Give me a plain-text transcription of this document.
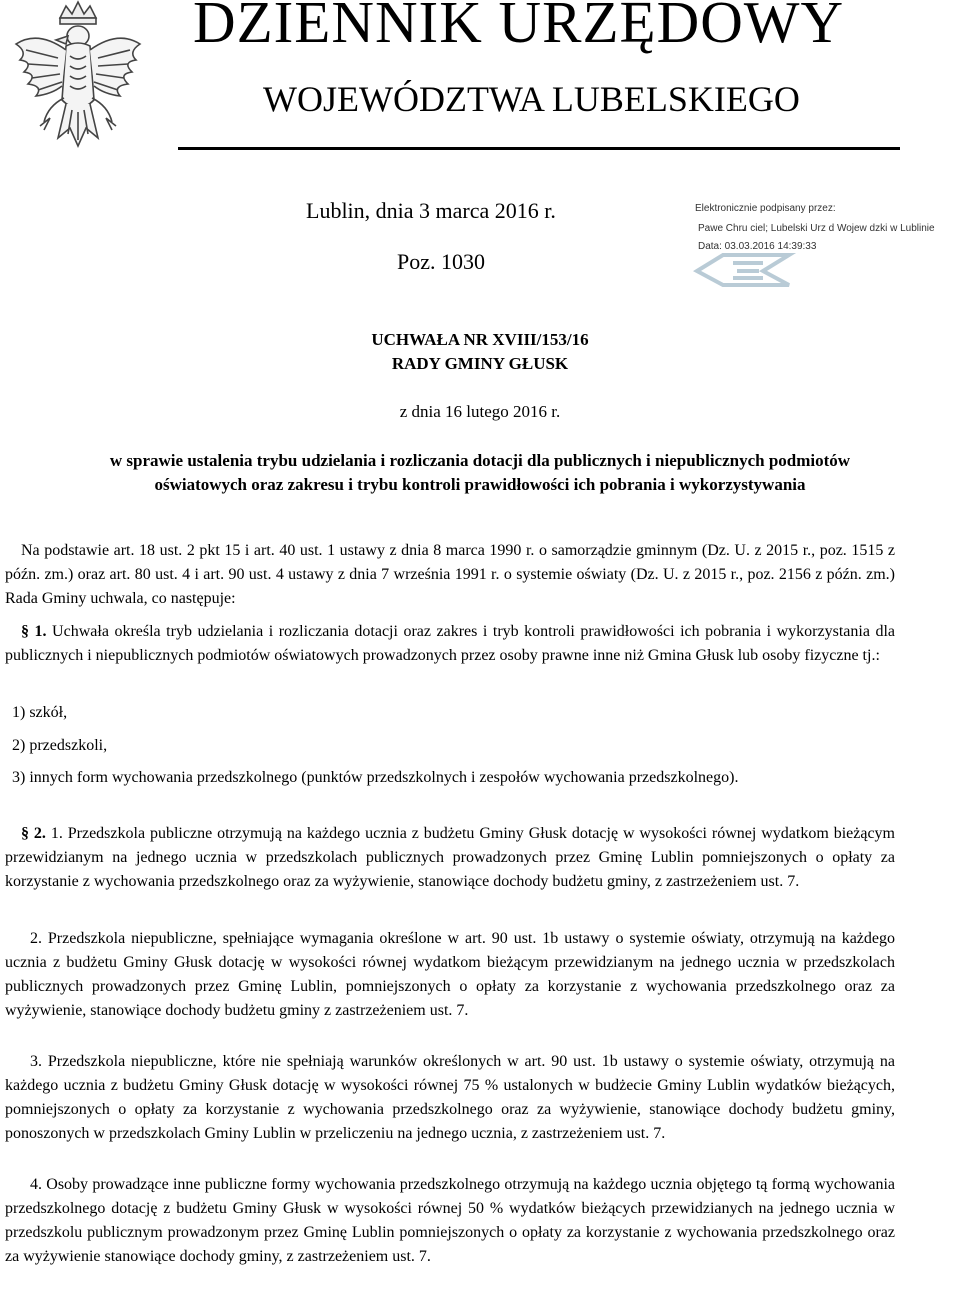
DZIENNIK URZĘDOWY
WOJEWÓDZTWA LUBELSKIEGO
Lublin, dnia 3 marca 2016 r.
Poz. 1030
Elektronicznie podpisany przez:
Pawe Chru ciel; Lubelski Urz d Wojew dzki w Lublinie
Data: 03.03.2016 14:39:33
UCHWAŁA NR XVIII/153/16
RADY GMINY GŁUSK
z dnia 16 lutego 2016 r.
w sprawie ustalenia trybu udzielania i rozliczania dotacji dla publicznych i niepublicznych podmiotów
oświatowych oraz zakresu i trybu kontroli prawidłowości ich pobrania i wykorzystywania
Na podstawie art. 18 ust. 2 pkt 15 i art. 40 ust. 1 ustawy z dnia 8 marca 1990 r. o samorządzie gminnym (Dz. U. z 2015 r., poz. 1515 z późn. zm.) oraz art. 80 ust. 4 i art. 90 ust. 4 ustawy z dnia 7 września 1991 r. o systemie oświaty (Dz. U. z 2015 r., poz. 2156 z późn. zm.) Rada Gminy uchwala, co następuje:
§ 1. Uchwała określa tryb udzielania i rozliczania dotacji oraz zakres i tryb kontroli prawidłowości ich pobrania i wykorzystania dla publicznych i niepublicznych podmiotów oświatowych prowadzonych przez osoby prawne inne niż Gmina Głusk lub osoby fizyczne tj.:
1) szkół,
2) przedszkoli,
3) innych form wychowania przedszkolnego (punktów przedszkolnych i zespołów wychowania przedszkolnego).
§ 2. 1. Przedszkola publiczne otrzymują na każdego ucznia z budżetu Gminy Głusk dotację w wysokości równej wydatkom bieżącym przewidzianym na jednego ucznia w przedszkolach publicznych prowadzonych przez Gminę Lublin pomniejszonych o opłaty za korzystanie z wychowania przedszkolnego oraz za wyżywienie, stanowiące dochody budżetu gminy, z zastrzeżeniem ust. 7.
2. Przedszkola niepubliczne, spełniające wymagania określone w art. 90 ust. 1b ustawy o systemie oświaty, otrzymują na każdego ucznia z budżetu Gminy Głusk dotację w wysokości równej wydatkom bieżącym przewidzianym na jednego ucznia w przedszkolach publicznych prowadzonych przez Gminę Lublin, pomniejszonych o opłaty za korzystanie z wychowania przedszkolnego oraz za wyżywienie, stanowiące dochody budżetu gminy z zastrzeżeniem ust. 7.
3. Przedszkola niepubliczne, które nie spełniają warunków określonych w art. 90 ust. 1b ustawy o systemie oświaty, otrzymują na każdego ucznia z budżetu Gminy Głusk dotację w wysokości równej 75 % ustalonych w budżecie Gminy Lublin wydatków bieżących, pomniejszonych o opłaty za korzystanie z wychowania przedszkolnego oraz za wyżywienie, stanowiące dochody budżetu gminy, ponoszonych w przedszkolach Gminy Lublin w przeliczeniu na jednego ucznia, z zastrzeżeniem ust. 7.
4. Osoby prowadzące inne publiczne formy wychowania przedszkolnego otrzymują na każdego ucznia objętego tą formą wychowania przedszkolnego dotację z budżetu Gminy Głusk w wysokości równej 50 % wydatków bieżących przewidzianych na jednego ucznia w przedszkolu publicznym prowadzonym przez Gminę Lublin pomniejszonych o opłaty za korzystanie z wychowania przedszkolnego oraz za wyżywienie stanowiące dochody gminy, z zastrzeżeniem ust. 7.
